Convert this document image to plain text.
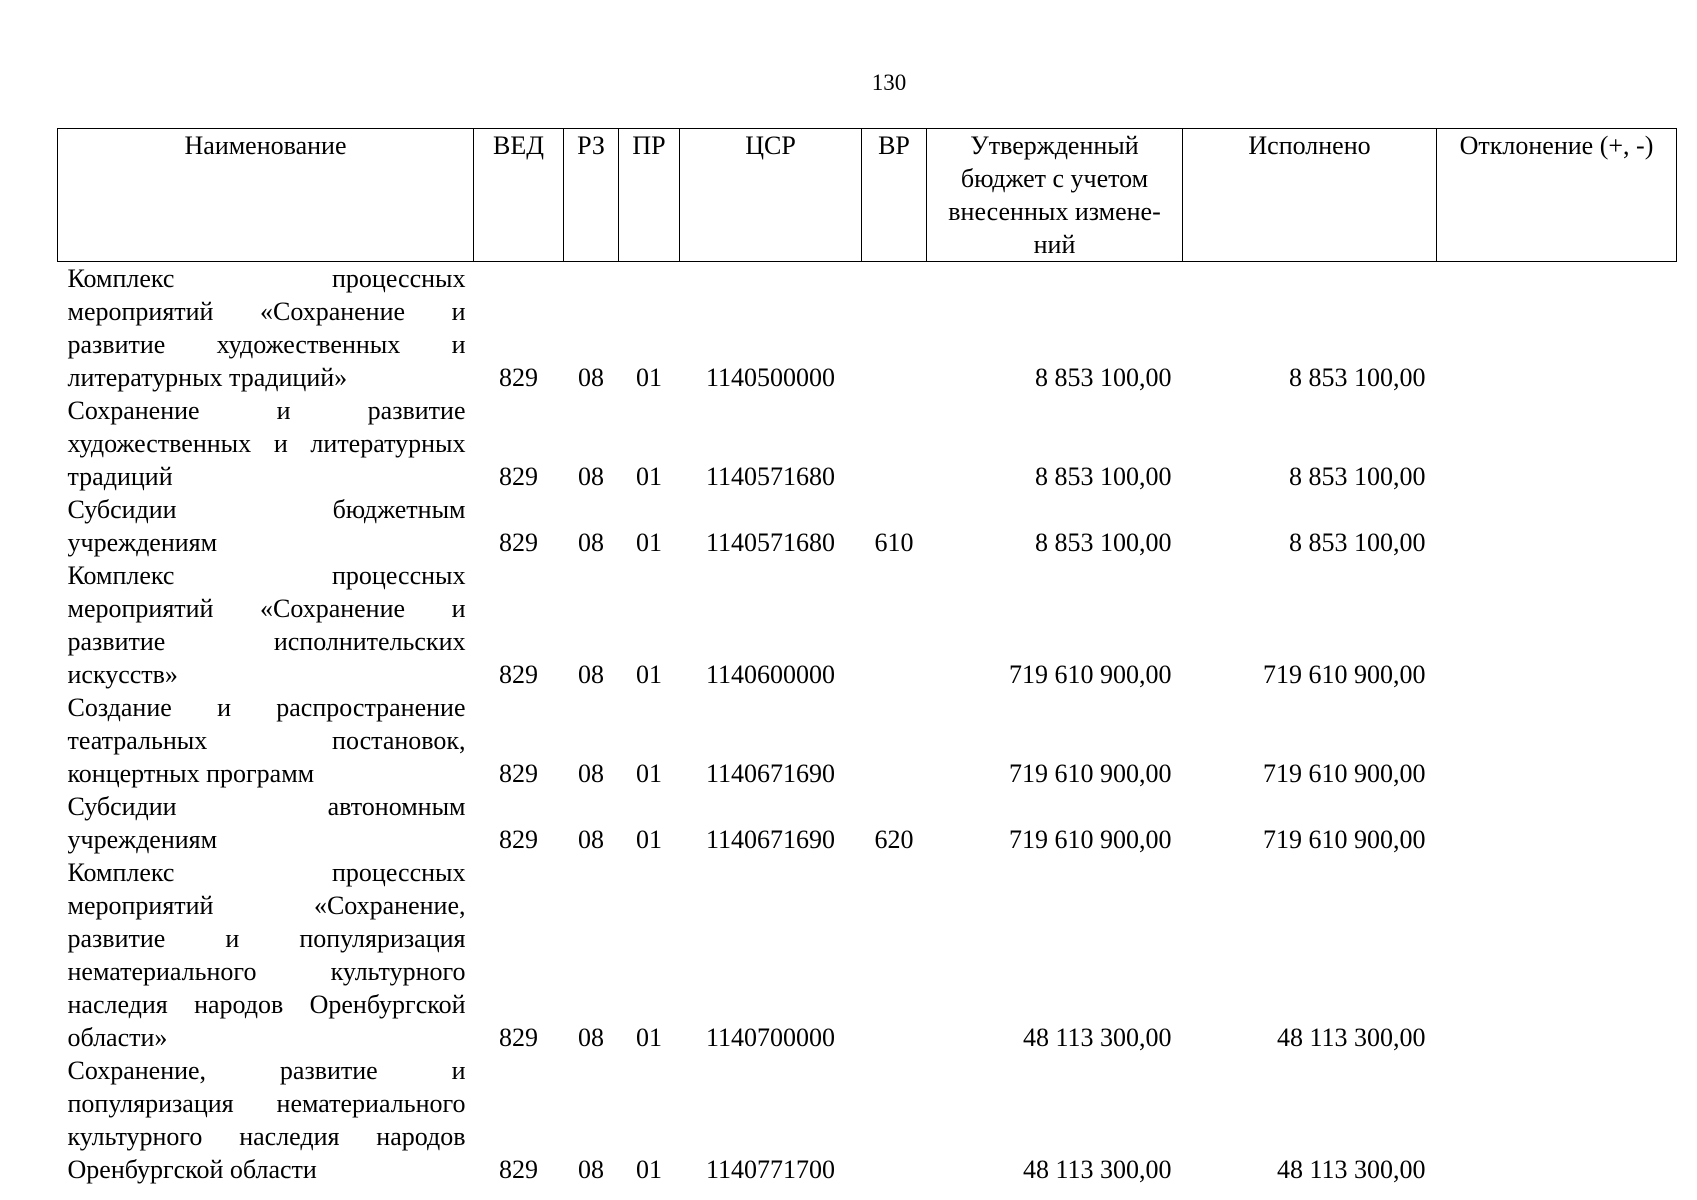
130
Наименование	ВЕД	РЗ	ПР	ЦСР	ВР	Утвержденный бюджет с учетом внесенных измене-ний	Исполнено	Отклонение (+, -)
Комплекс процессных мероприятий «Сохранение и развитие художественных и литературных традиций»	829	08	01	1140500000		8 853 100,00	8 853 100,00	
Сохранение и развитие художественных и литературных традиций	829	08	01	1140571680		8 853 100,00	8 853 100,00	
Субсидии бюджетным учреждениям	829	08	01	1140571680	610	8 853 100,00	8 853 100,00	
Комплекс процессных мероприятий «Сохранение и развитие исполнительских искусств»	829	08	01	1140600000		719 610 900,00	719 610 900,00	
Создание и распространение театральных постановок, концертных программ	829	08	01	1140671690		719 610 900,00	719 610 900,00	
Субсидии автономным учреждениям	829	08	01	1140671690	620	719 610 900,00	719 610 900,00	
Комплекс процессных мероприятий «Сохранение, развитие и популяризация нематериального культурного наследия народов Оренбургской области»	829	08	01	1140700000		48 113 300,00	48 113 300,00	
Сохранение, развитие и популяризация нематериального культурного наследия народов Оренбургской области	829	08	01	1140771700		48 113 300,00	48 113 300,00	
